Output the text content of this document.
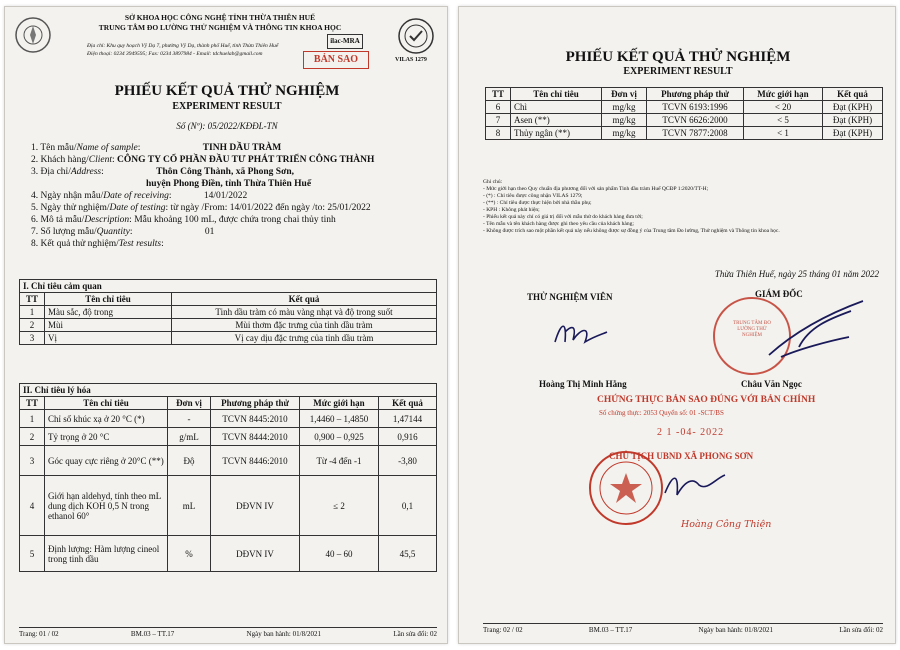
SỞ KHOA HỌC CÔNG NGHỆ TỈNH THỪA THIÊN HUẾ
TRUNG TÂM ĐO LƯỜNG THỬ NGHIỆM VÀ THÔNG TIN KHOA HỌC
Địa chỉ: Khu quy hoạch Vỹ Dạ 7, phường Vỹ Dạ, thành phố Huế, tỉnh Thừa Thiên Huế
Điện thoại: 0234 3949595; Fax: 0234 3897984 - Email: tdchuelab@gmail.com
ilac-MRA
VILAS 1279
BẢN SAO
PHIẾU KẾT QUẢ THỬ NGHIỆM
EXPERIMENT RESULT
Số (Nº): 05/2022/KĐĐL-TN
1. Tên mẫu/Name of sample:	TINH DẦU TRÀM
2. Khách hàng/Client: CÔNG TY CỔ PHẦN ĐẦU TƯ PHÁT TRIỂN CÔNG THÀNH
3. Địa chỉ/Address:	Thôn Công Thành, xã Phong Sơn,
huyện Phong Điền, tỉnh Thừa Thiên Huế
4. Ngày nhận mẫu/Date of receiving:	14/01/2022
5. Ngày thử nghiệm/Date of testing: từ ngày /From: 14/01/2022 đến ngày /to: 25/01/2022
6. Mô tả mẫu/Description: Mẫu khoảng 100 mL, được chứa trong chai thủy tinh
7. Số lượng mẫu/Quantity:	01
8. Kết quả thử nghiệm/Test results:
I. Chỉ tiêu cảm quan		
TT	Tên chỉ tiêu	Kết quả
1	Màu sắc, độ trong	Tinh dầu tràm có màu vàng nhạt và độ trong suốt
2	Mùi	Mùi thơm đặc trưng của tinh dầu tràm
3	Vị	Vị cay dịu đặc trưng của tinh dầu tràm
II. Chỉ tiêu lý hóa					
TT	Tên chỉ tiêu	Đơn vị	Phương pháp thử	Mức giới hạn	Kết quả
1	Chỉ số khúc xạ ở 20 °C (*)	-	TCVN 8445:2010	1,4460 – 1,4850	1,47144
2	Tỷ trọng ở 20 °C	g/mL	TCVN 8444:2010	0,900 – 0,925	0,916
3	Góc quay cực riêng ở 20°C (**)	Độ	TCVN 8446:2010	Từ -4 đến -1	-3,80
4	Giới hạn aldehyd, tính theo mL dung dịch KOH 0,5 N trong ethanol 60°	mL	DĐVN IV	≤ 2	0,1
5	Định lượng: Hàm lượng cineol trong tinh dầu	%	DĐVN IV	40 – 60	45,5
Trang: 01 / 02	BM.03 – TT.17	Ngày ban hành: 01/8/2021	Lần sửa đổi: 02
PHIẾU KẾT QUẢ THỬ NGHIỆM
EXPERIMENT RESULT
TT	Tên chỉ tiêu	Đơn vị	Phương pháp thử	Mức giới hạn	Kết quả
6	Chì	mg/kg	TCVN 6193:1996	< 20	Đạt (KPH)
7	Asen (**)	mg/kg	TCVN 6626:2000	< 5	Đạt (KPH)
8	Thủy ngân (**)	mg/kg	TCVN 7877:2008	< 1	Đạt (KPH)
Ghi chú:
- Mức giới hạn theo Quy chuẩn địa phương đối với sản phẩm Tinh dầu tràm Huế QCĐP 1:2020/TT-H;
- (*) : Chỉ tiêu được công nhận VILAS 1279;
- (**) : Chỉ tiêu được thực hiện bởi nhà thầu phụ;
- KPH : Không phát hiện;
- Phiếu kết quả này chỉ có giá trị đối với mẫu thử do khách hàng đưa tới;
- Tên mẫu và tên khách hàng được ghi theo yêu cầu của khách hàng;
- Không được trích sao một phần kết quả này nếu không được sự đồng ý của Trung tâm Đo lường, Thử nghiệm và Thông tin khoa học.
Thừa Thiên Huế, ngày 25 tháng 01 năm 2022
THỬ NGHIỆM VIÊN	GIÁM ĐỐC
TRUNG TÂM ĐO LƯỜNG THỬ NGHIỆM
Hoàng Thị Minh Hằng	Châu Văn Ngọc
CHỨNG THỰC BẢN SAO ĐÚNG VỚI BẢN CHÍNH
Số chứng thực: 2053 Quyển số: 01 -SCT/BS
2 1 -04- 2022
CHỦ TỊCH UBND XÃ PHONG SƠN
Hoàng Công Thiện
Trang: 02 / 02	BM.03 – TT.17	Ngày ban hành: 01/8/2021	Lần sửa đổi: 02
